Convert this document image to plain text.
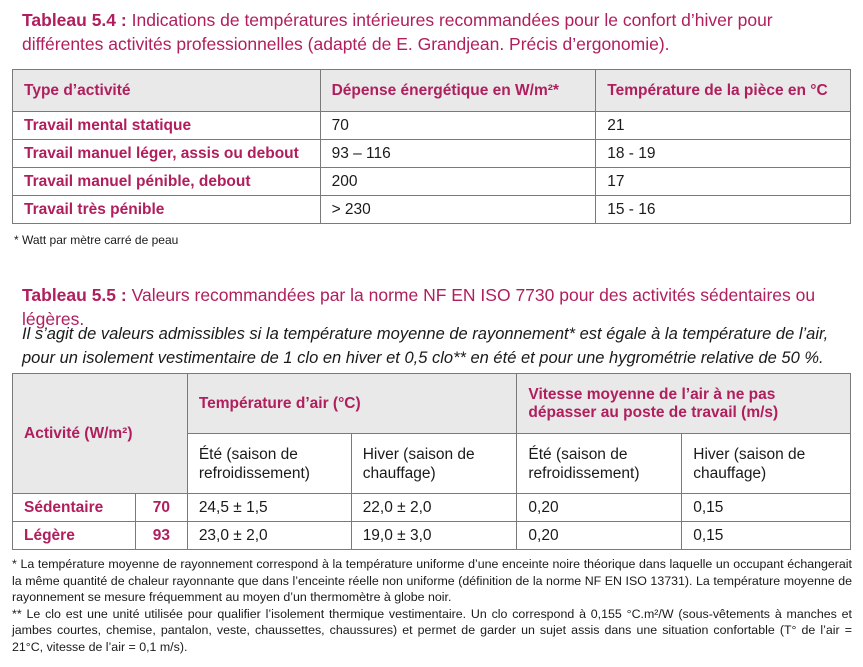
Tableau 5.4 : Indications de températures intérieures recommandées pour le confort d’hiver pour différentes activités professionnelles (adapté de E. Grandjean. Précis d’ergonomie).
Type d’activité	Dépense énergétique en W/m²*	Température de la pièce en °C
Travail mental statique	70	21
Travail manuel léger, assis ou debout	93 – 116	18 - 19
Travail manuel pénible, debout	200	17
Travail très pénible	> 230	15 - 16
* Watt par mètre carré de peau
Tableau 5.5 : Valeurs recommandées par la norme NF EN ISO 7730 pour des activités sédentaires ou légères.
Il s’agit de valeurs admissibles si la température moyenne de rayonnement* est égale à la température de l’air, pour un isolement vestimentaire de 1 clo en hiver et 0,5 clo** en été et pour une hygrométrie relative de 50 %.
Activité (W/m²)		Température d’air (°C)		Vitesse moyenne de l’air à ne pas dépasser au poste de travail (m/s)	
		Été (saison de refroidissement)	Hiver (saison de chauffage)	Été (saison de refroidissement)	Hiver (saison de chauffage)
Sédentaire	70	24,5 ± 1,5	22,0 ± 2,0	0,20	0,15
Légère	93	23,0 ± 2,0	19,0 ± 3,0	0,20	0,15

* La température moyenne de rayonnement correspond à la température uniforme d’une enceinte noire théorique dans laquelle un occupant échangerait la même quantité de chaleur rayonnante que dans l’enceinte réelle non uniforme (définition de la norme NF EN ISO 13731). La température moyenne de rayonnement se mesure fréquemment au moyen d’un thermomètre à globe noir.

** Le clo est une unité utilisée pour qualifier l’isolement thermique vestimentaire. Un clo correspond à 0,155 °C.m²/W (sous-vêtements à manches et jambes courtes, chemise, pantalon, veste, chaussettes, chaussures) et permet de garder un sujet assis dans une situation confortable (T° de l’air = 21°C, vitesse de l’air = 0,1 m/s).
